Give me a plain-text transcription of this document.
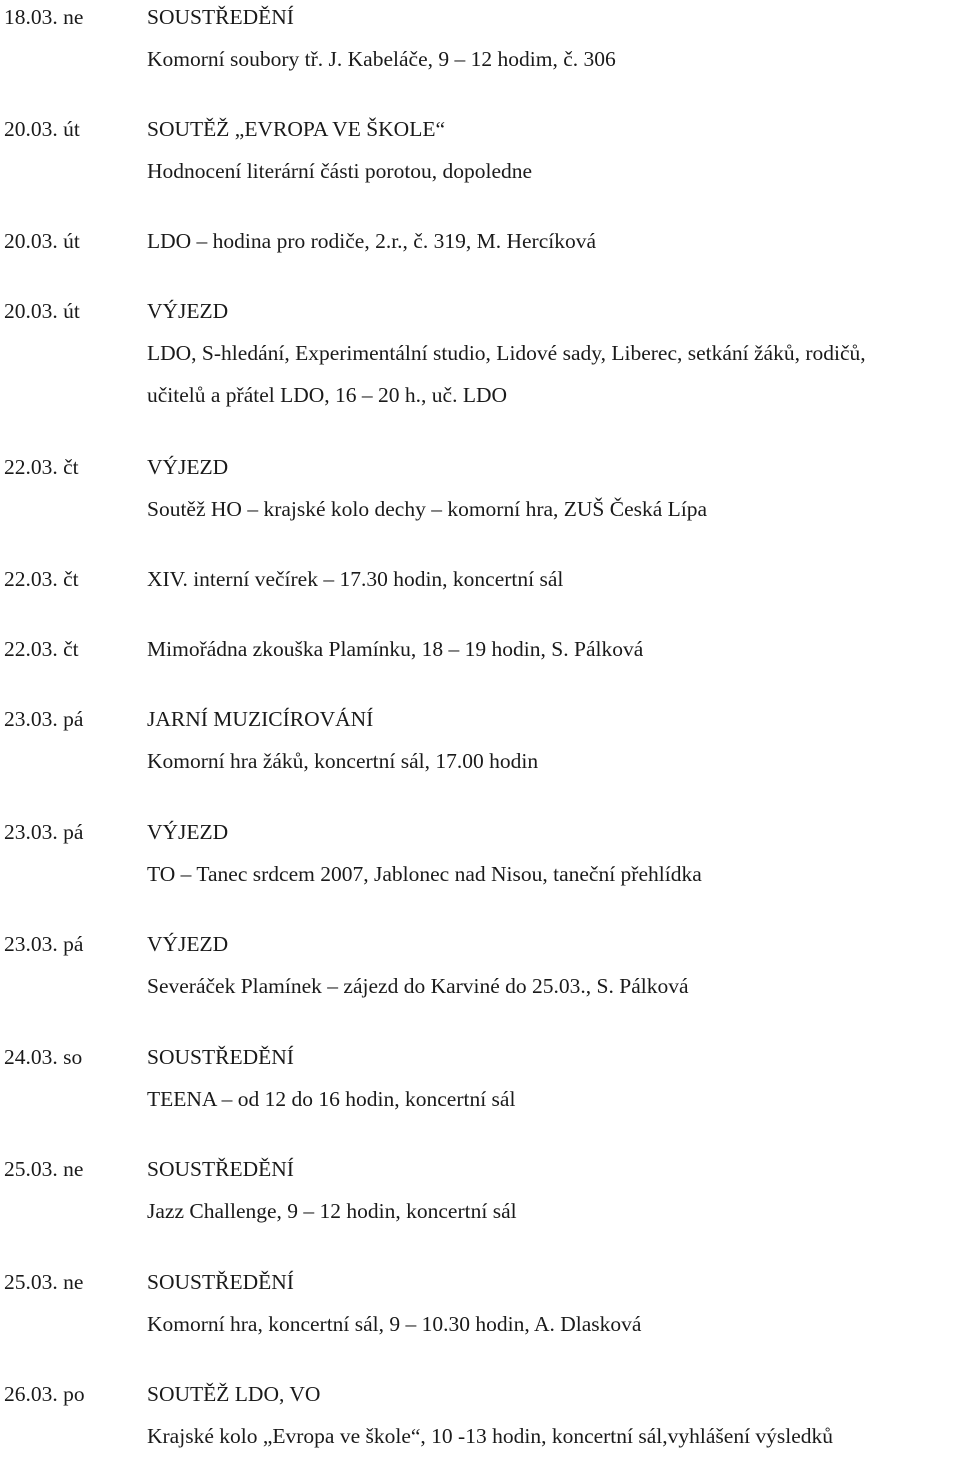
18.03. ne	SOUSTŘEDĚNÍ
Komorní soubory tř. J. Kabeláče, 9 – 12 hodim, č. 306
20.03. út	SOUTĚŽ „EVROPA VE ŠKOLE“
Hodnocení literární části porotou, dopoledne
20.03. út	LDO – hodina pro rodiče, 2.r., č. 319, M. Hercíková
20.03. út	VÝJEZD
LDO, S-hledání, Experimentální studio, Lidové sady, Liberec, setkání žáků, rodičů,
učitelů a přátel LDO, 16 – 20 h., uč. LDO
22.03. čt	VÝJEZD
Soutěž HO – krajské kolo dechy – komorní hra, ZUŠ Česká Lípa
22.03. čt	XIV. interní večírek – 17.30 hodin, koncertní sál
22.03. čt	Mimořádna zkouška Plamínku, 18 – 19 hodin, S. Pálková
23.03. pá	JARNÍ MUZICÍROVÁNÍ
Komorní hra žáků, koncertní sál, 17.00 hodin
23.03. pá	VÝJEZD
TO – Tanec srdcem 2007, Jablonec nad Nisou, taneční přehlídka
23.03. pá	VÝJEZD
Severáček Plamínek – zájezd do Karviné do 25.03., S. Pálková
24.03. so	SOUSTŘEDĚNÍ
TEENA – od 12 do 16 hodin, koncertní sál
25.03. ne	SOUSTŘEDĚNÍ
Jazz Challenge, 9 – 12 hodin, koncertní sál
25.03. ne	SOUSTŘEDĚNÍ
Komorní hra, koncertní sál, 9 – 10.30 hodin, A. Dlasková
26.03. po	SOUTĚŽ LDO, VO
Krajské kolo „Evropa ve škole“, 10 -13 hodin, koncertní sál,vyhlášení výsledků
